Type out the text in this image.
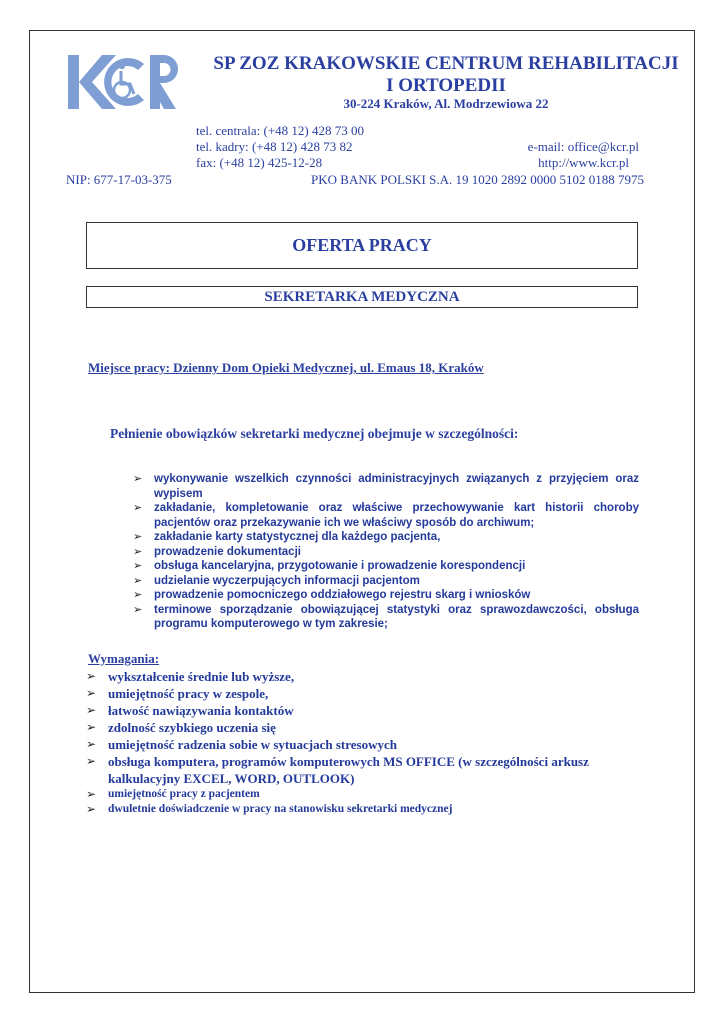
SP ZOZ KRAKOWSKIE CENTRUM REHABILITACJI
I ORTOPEDII
30-224 Kraków, Al. Modrzewiowa 22
tel. centrala: (+48 12) 428 73 00
tel. kadry: (+48 12) 428 73 82
fax: (+48 12) 425-12-28
e-mail: office@kcr.pl
http://www.kcr.pl
NIP: 677-17-03-375	PKO BANK POLSKI S.A. 19 1020 2892 0000 5102 0188 7975
OFERTA PRACY
SEKRETARKA MEDYCZNA
Miejsce pracy: Dzienny Dom Opieki Medycznej, ul. Emaus 18, Kraków
Pełnienie obowiązków sekretarki medycznej obejmuje w szczególności:
➢ wykonywanie wszelkich czynności administracyjnych związanych z przyjęciem oraz wypisem
➢ zakładanie, kompletowanie oraz właściwe przechowywanie kart historii choroby pacjentów oraz przekazywanie ich we właściwy sposób do archiwum;
➢ zakładanie karty statystycznej dla każdego pacjenta,
➢ prowadzenie dokumentacji
➢ obsługa kancelaryjna, przygotowanie i prowadzenie korespondencji
➢ udzielanie wyczerpujących informacji pacjentom
➢ prowadzenie pomocniczego oddziałowego rejestru skarg i wniosków
➢ terminowe sporządzanie obowiązującej statystyki oraz sprawozdawczości, obsługa programu komputerowego w tym zakresie;
Wymagania:
➢ wykształcenie średnie lub wyższe,
➢ umiejętność pracy w zespole,
➢ łatwość nawiązywania kontaktów
➢ zdolność szybkiego uczenia się
➢ umiejętność radzenia sobie w sytuacjach stresowych
➢ obsługa komputera, programów komputerowych MS OFFICE (w szczególności arkusz kalkulacyjny EXCEL, WORD, OUTLOOK)
➢ umiejętność pracy z pacjentem
➢ dwuletnie doświadczenie w pracy na stanowisku sekretarki medycznej
